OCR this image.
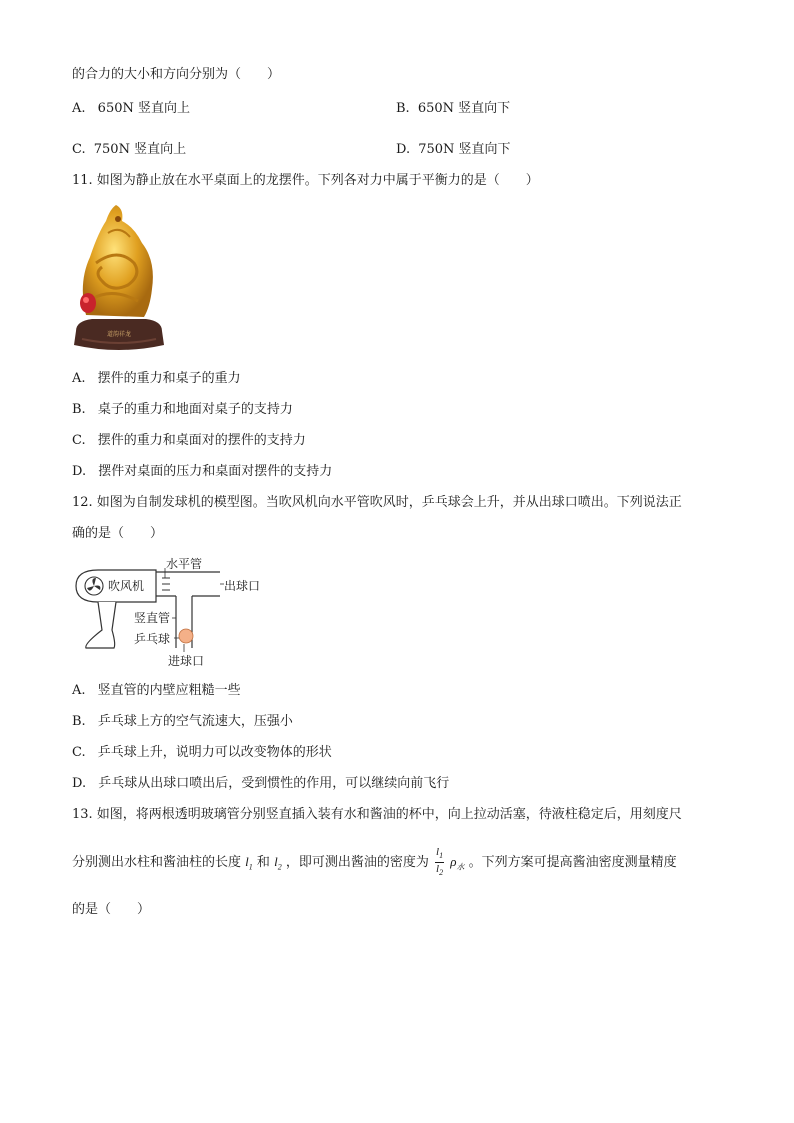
的合力的大小和方向分别为（　　）
A. 650N 竖直向上	B. 650N 竖直向下
C. 750N 竖直向上	D. 750N 竖直向下
11. 如图为静止放在水平桌面上的龙摆件。下列各对力中属于平衡力的是（　　）
道韵祥龙
A. 摆件的重力和桌子的重力
B. 桌子的重力和地面对桌子的支持力
C. 摆件的重力和桌面对的摆件的支持力
D. 摆件对桌面的压力和桌面对摆件的支持力
12. 如图为自制发球机的模型图。当吹风机向水平管吹风时，乒乓球会上升，并从出球口喷出。下列说法正
确的是（　　）
水平管
吹风机	出球口
竖直管
乒乓球
进球口
A. 竖直管的内壁应粗糙一些
B. 乒乓球上方的空气流速大，压强小
C. 乒乓球上升，说明力可以改变物体的形状
D. 乒乓球从出球口喷出后，受到惯性的作用，可以继续向前飞行
13. 如图，将两根透明玻璃管分别竖直插入装有水和酱油的杯中，向上拉动活塞，待液柱稳定后，用刻度尺
分别测出水柱和酱油柱的长度 $l_1$ 和 $l_2$ ，即可测出酱油的密度为 $\frac{l_1}{l_2} \rho_水$ 。下列方案可提高酱油密度测量精度
的是（　　）
